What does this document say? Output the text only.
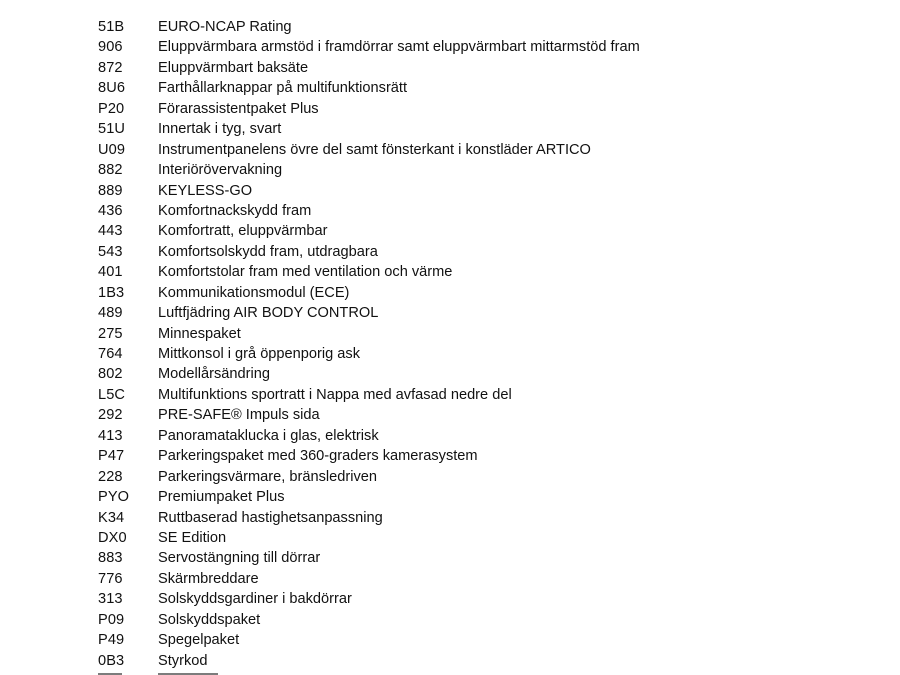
51B	EURO-NCAP Rating
906	Eluppvärmbara armstöd i framdörrar samt eluppvärmbart mittarmstöd fram
872	Eluppvärmbart baksäte
8U6	Farthållarknappar på multifunktionsrätt
P20	Förarassistentpaket Plus
51U	Innertak i tyg, svart
U09	Instrumentpanelens övre del samt fönsterkant i konstläder ARTICO
882	Interiörövervakning
889	KEYLESS-GO
436	Komfortnackskydd fram
443	Komfortratt, eluppvärmbar
543	Komfortsolskydd fram, utdragbara
401	Komfortstolar fram med ventilation och värme
1B3	Kommunikationsmodul (ECE)
489	Luftfjädring AIR BODY CONTROL
275	Minnespaket
764	Mittkonsol i grå öppenporig ask
802	Modellårsändring
L5C	Multifunktions sportratt i Nappa med avfasad nedre del
292	PRE-SAFE® Impuls sida
413	Panoramataklucka i glas, elektrisk
P47	Parkeringspaket med 360-graders kamerasystem
228	Parkeringsvärmare, bränsledriven
PYO	Premiumpaket Plus
K34	Ruttbaserad hastighetsanpassning
DX0	SE Edition
883	Servostängning till dörrar
776	Skärmbreddare
313	Solskyddsgardiner i bakdörrar
P09	Solskyddspaket
P49	Spegelpaket
0B3	Styrkod
